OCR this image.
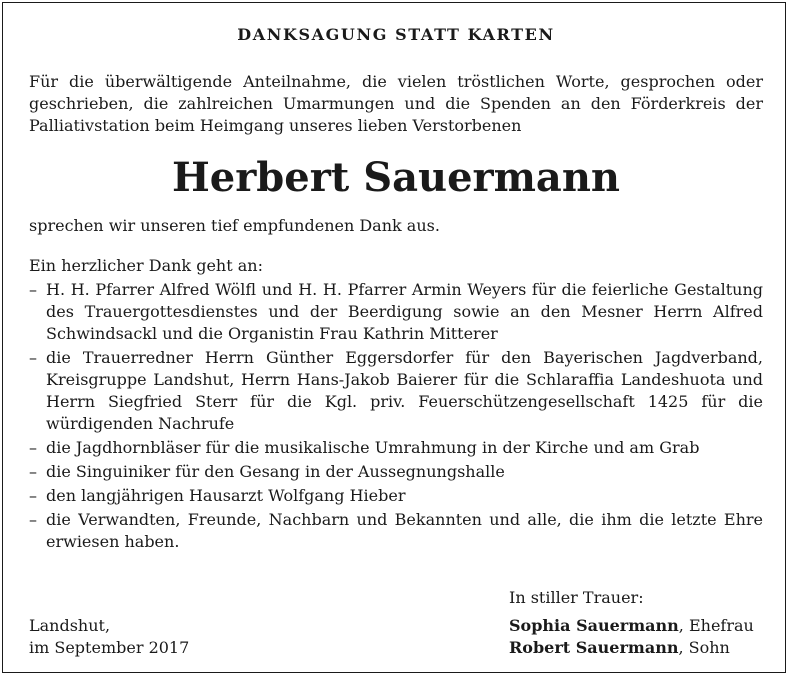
DANKSAGUNG STATT KARTEN

Für die überwältigende Anteilnahme, die vielen tröstlichen Worte, gesprochen oder geschrieben, die zahlreichen Umarmungen und die Spenden an den Förderkreis der Palliativstation beim Heimgang unseres lieben Verstorbenen

Herbert Sauermann

sprechen wir unseren tief empfundenen Dank aus.

Ein herzlicher Dank geht an:

– H. H. Pfarrer Alfred Wölfl und H. H. Pfarrer Armin Weyers für die feierliche Gestaltung des Trauergottesdienstes und der Beerdigung sowie an den Mesner Herrn Alfred Schwindsackl und die Organistin Frau Kathrin Mitterer
– die Trauerredner Herrn Günther Eggersdorfer für den Bayerischen Jagdverband, Kreisgruppe Landshut, Herrn Hans-Jakob Baierer für die Schlaraffia Landeshuota und Herrn Siegfried Sterr für die Kgl. priv. Feuerschützengesellschaft 1425 für die würdigenden Nachrufe
– die Jagdhornbläser für die musikalische Umrahmung in der Kirche und am Grab
– die Singuiniker für den Gesang in der Aussegnungshalle
– den langjährigen Hausarzt Wolfgang Hieber
– die Verwandten, Freunde, Nachbarn und Bekannten und alle, die ihm die letzte Ehre erwiesen haben.
In stiller Trauer:
Sophia Sauermann, Ehefrau
Robert Sauermann, Sohn
Landshut,
im September 2017
